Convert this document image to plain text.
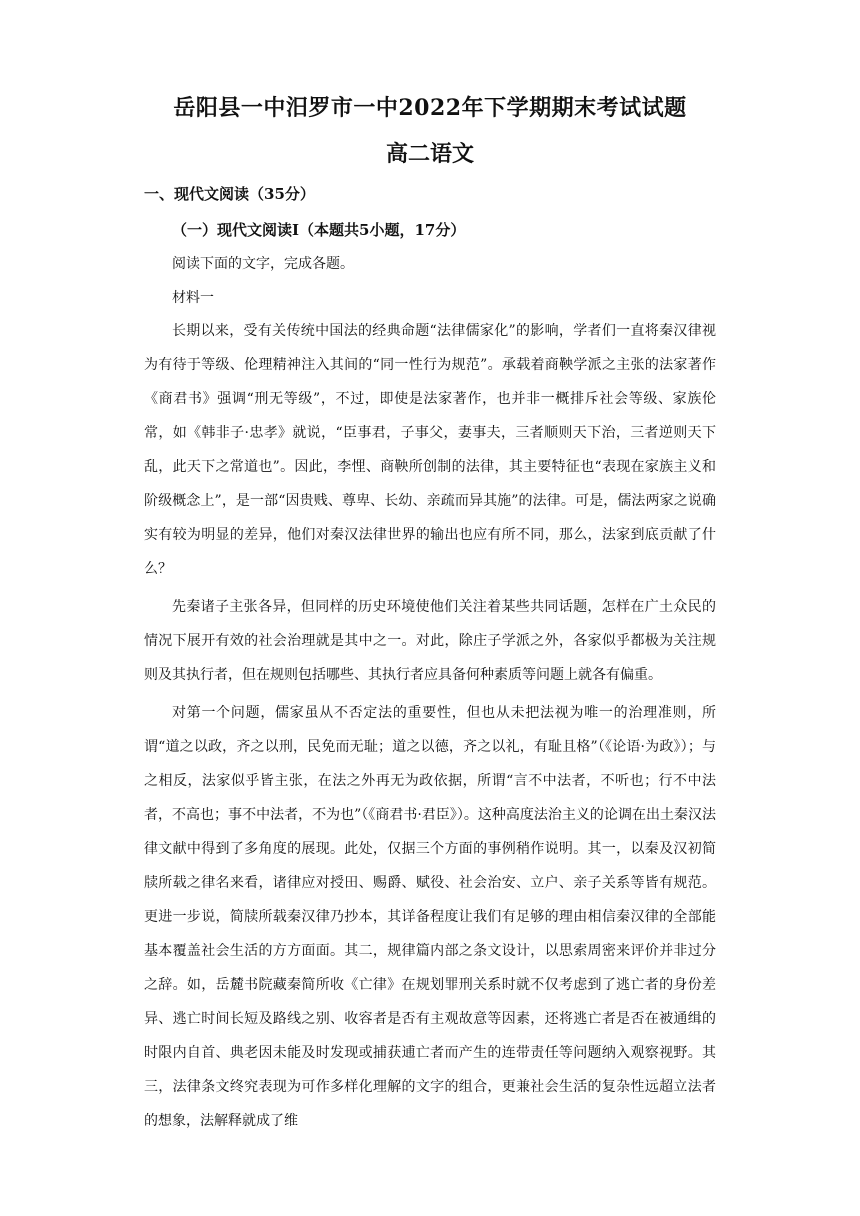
岳阳县一中汨罗市一中2022年下学期期末考试试题
高二语文
一、现代文阅读（35分）
（一）现代文阅读Ⅰ（本题共5小题，17分）
阅读下面的文字，完成各题。
材料一

长期以来，受有关传统中国法的经典命题“法律儒家化”的影响，学者们一直将秦汉律视为有待于等级、伦理精神注入其间的“同一性行为规范”。承载着商鞅学派之主张的法家著作《商君书》强调“刑无等级”，不过，即使是法家著作，也并非一概排斥社会等级、家族伦常，如《韩非子·忠孝》就说，“臣事君，子事父，妻事夫，三者顺则天下治，三者逆则天下乱，此天下之常道也”。因此，李悝、商鞅所创制的法律，其主要特征也“表现在家族主义和阶级概念上”，是一部“因贵贱、尊卑、长幼、亲疏而异其施”的法律。可是，儒法两家之说确实有较为明显的差异，他们对秦汉法律世界的输出也应有所不同，那么，法家到底贡献了什么？

先秦诸子主张各异，但同样的历史环境使他们关注着某些共同话题，怎样在广土众民的情况下展开有效的社会治理就是其中之一。对此，除庄子学派之外，各家似乎都极为关注规则及其执行者，但在规则包括哪些、其执行者应具备何种素质等问题上就各有偏重。

对第一个问题，儒家虽从不否定法的重要性，但也从未把法视为唯一的治理准则，所谓“道之以政，齐之以刑，民免而无耻；道之以德，齐之以礼，有耻且格”（《论语·为政》）；与之相反，法家似乎皆主张，在法之外再无为政依据，所谓“言不中法者，不听也；行不中法者，不高也；事不中法者，不为也”（《商君书·君臣》）。这种高度法治主义的论调在出土秦汉法律文献中得到了多角度的展现。此处，仅据三个方面的事例稍作说明。其一，以秦及汉初简牍所载之律名来看，诸律应对授田、赐爵、赋役、社会治安、立户、亲子关系等皆有规范。更进一步说，简牍所载秦汉律乃抄本，其详备程度让我们有足够的理由相信秦汉律的全部能基本覆盖社会生活的方方面面。其二，规律篇内部之条文设计，以思索周密来评价并非过分之辞。如，岳麓书院藏秦简所收《亡律》在规划罪刑关系时就不仅考虑到了逃亡者的身份差异、逃亡时间长短及路线之别、收容者是否有主观故意等因素，还将逃亡者是否在被通缉的时限内自首、典老因未能及时发现或捕获逋亡者而产生的连带责任等问题纳入观察视野。其三，法律条文终究表现为可作多样化理解的文字的组合，更兼社会生活的复杂性远超立法者的想象，法解释就成了维
